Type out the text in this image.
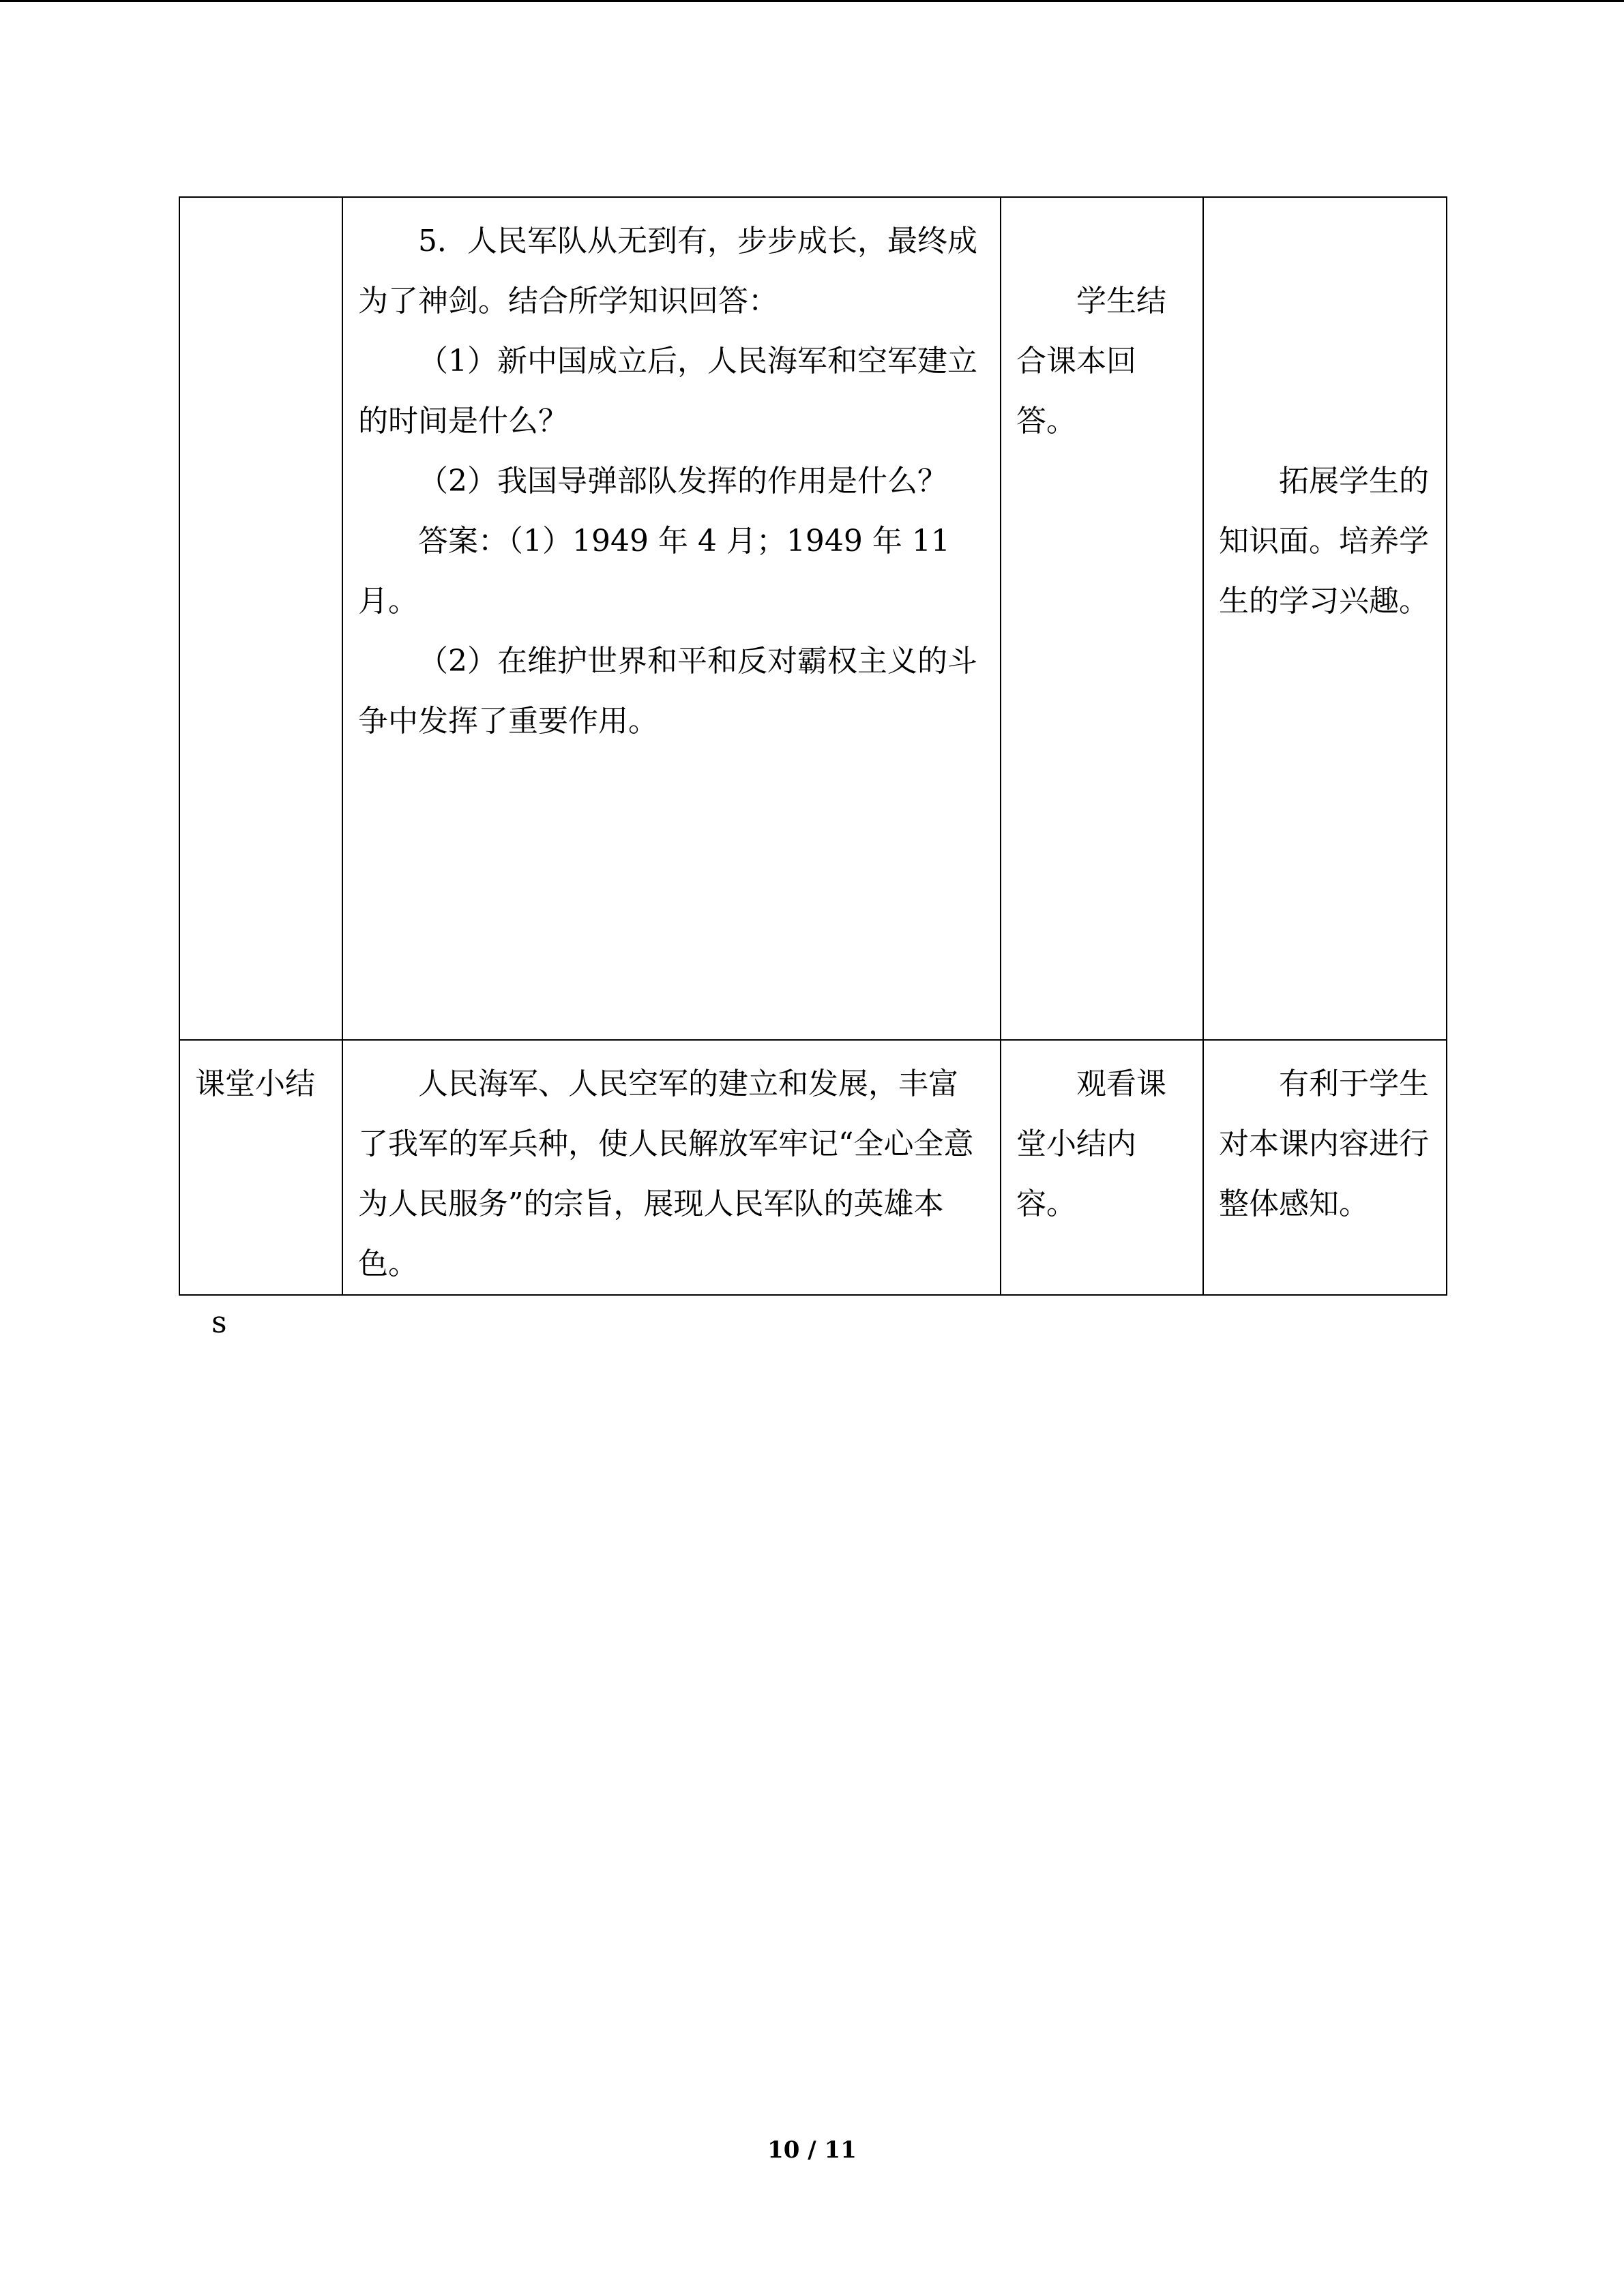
	5．人民军队从无到有，步步成长，最终成为了神剑。结合所学知识回答：

（1）新中国成立后，人民海军和空军建立的时间是什么？

（2）我国导弹部队发挥的作用是什么？

答案：（1）1949 年 4 月；1949 年 11 月。

（2）在维护世界和平和反对霸权主义的斗争中发挥了重要作用。	学生结合课本回答。	拓展学生的知识面。培养学生的学习兴趣。

课堂小结	人民海军、人民空军的建立和发展，丰富了我军的军兵种，使人民解放军牢记“全心全意为人民服务”的宗旨，展现人民军队的英雄本色。	观看课堂小结内容。	有利于学生对本课内容进行整体感知。

s
10 / 11
